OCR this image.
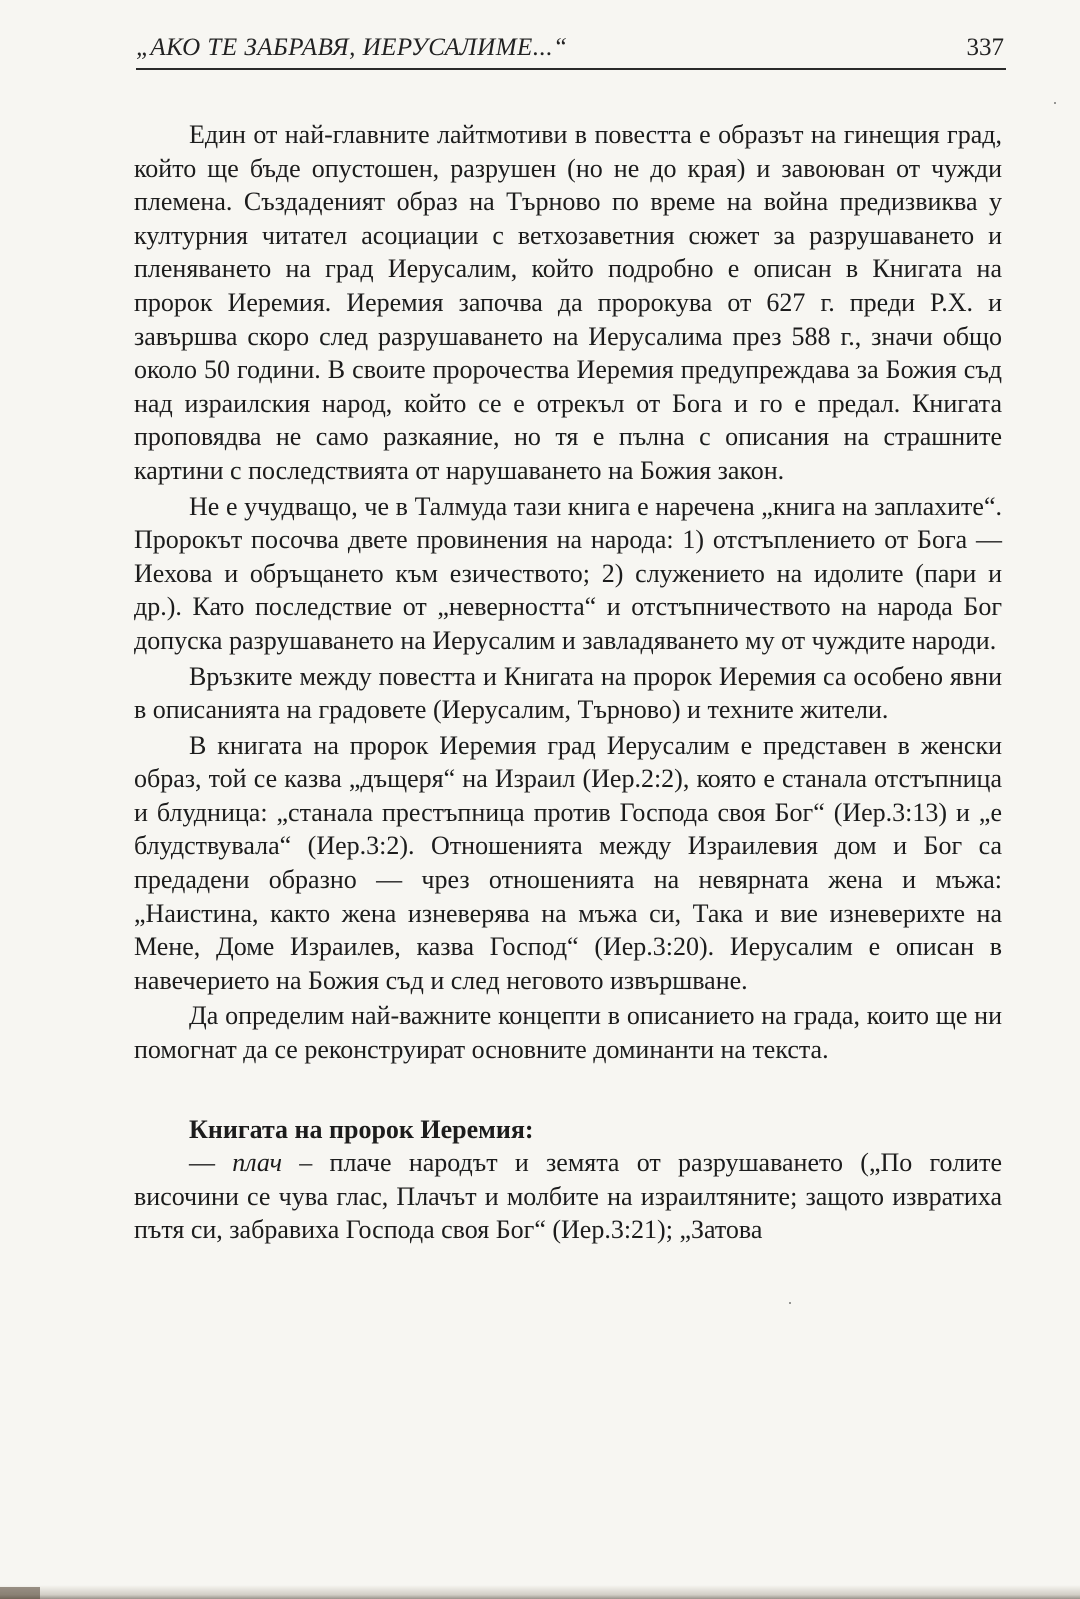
„АКО ТЕ ЗАБРАВЯ, ИЕРУСАЛИМЕ...“	337

Един от най-главните лайтмотиви в повестта е образът на гинещия град, който ще бъде опустошен, разрушен (но не до края) и завоюван от чужди племена. Създаденият образ на Търново по време на война предизвиква у културния читател асоциации с ветхозаветния сюжет за разрушаването и пленяването на град Иерусалим, който подробно е описан в Книгата на пророк Иеремия. Иеремия започва да пророкува от 627 г. преди Р.Х. и завършва скоро след разрушаването на Иерусалима през 588 г., значи общо около 50 години. В своите пророчества Иеремия предупреждава за Божия съд над израилския народ, който се е отрекъл от Бога и го е предал. Книгата проповядва не само разкаяние, но тя е пълна с описания на страшните картини с последствията от нарушаването на Божия закон.

Не е учудващо, че в Талмуда тази книга е наречена „книга на заплахите“. Пророкът посочва двете провинения на народа: 1) отстъплението от Бога — Иехова и обръщането към езичеството; 2) служението на идолите (пари и др.). Като последствие от „неверността“ и отстъпничеството на народа Бог допуска разрушаването на Иерусалим и завладяването му от чуждите народи.

Връзките между повестта и Книгата на пророк Иеремия са особено явни в описанията на градовете (Иерусалим, Търново) и техните жители.

В книгата на пророк Иеремия град Иерусалим е представен в женски образ, той се казва „дъщеря“ на Израил (Иер.2:2), която е станала отстъпница и блудница: „станала престъпница против Господа своя Бог“ (Иер.3:13) и „е блудствувала“ (Иер.3:2). Отношенията между Израилевия дом и Бог са предадени образно — чрез отношенията на невярната жена и мъжа: „Наистина, както жена изневерява на мъжа си, Така и вие изневерихте на Мене, Доме Израилев, казва Господ“ (Иер.3:20). Иерусалим е описан в навечерието на Божия съд и след неговото извършване.

Да определим най-важните концепти в описанието на града, които ще ни помогнат да се реконструират основните доминанти на текста.

Книгата на пророк Иеремия:

— плач – плаче народът и земята от разрушаването („По голите височини се чува глас, Плачът и молбите на израилтяните; защото извратиха пътя си, забравиха Господа своя Бог“ (Иер.3:21); „Затова
